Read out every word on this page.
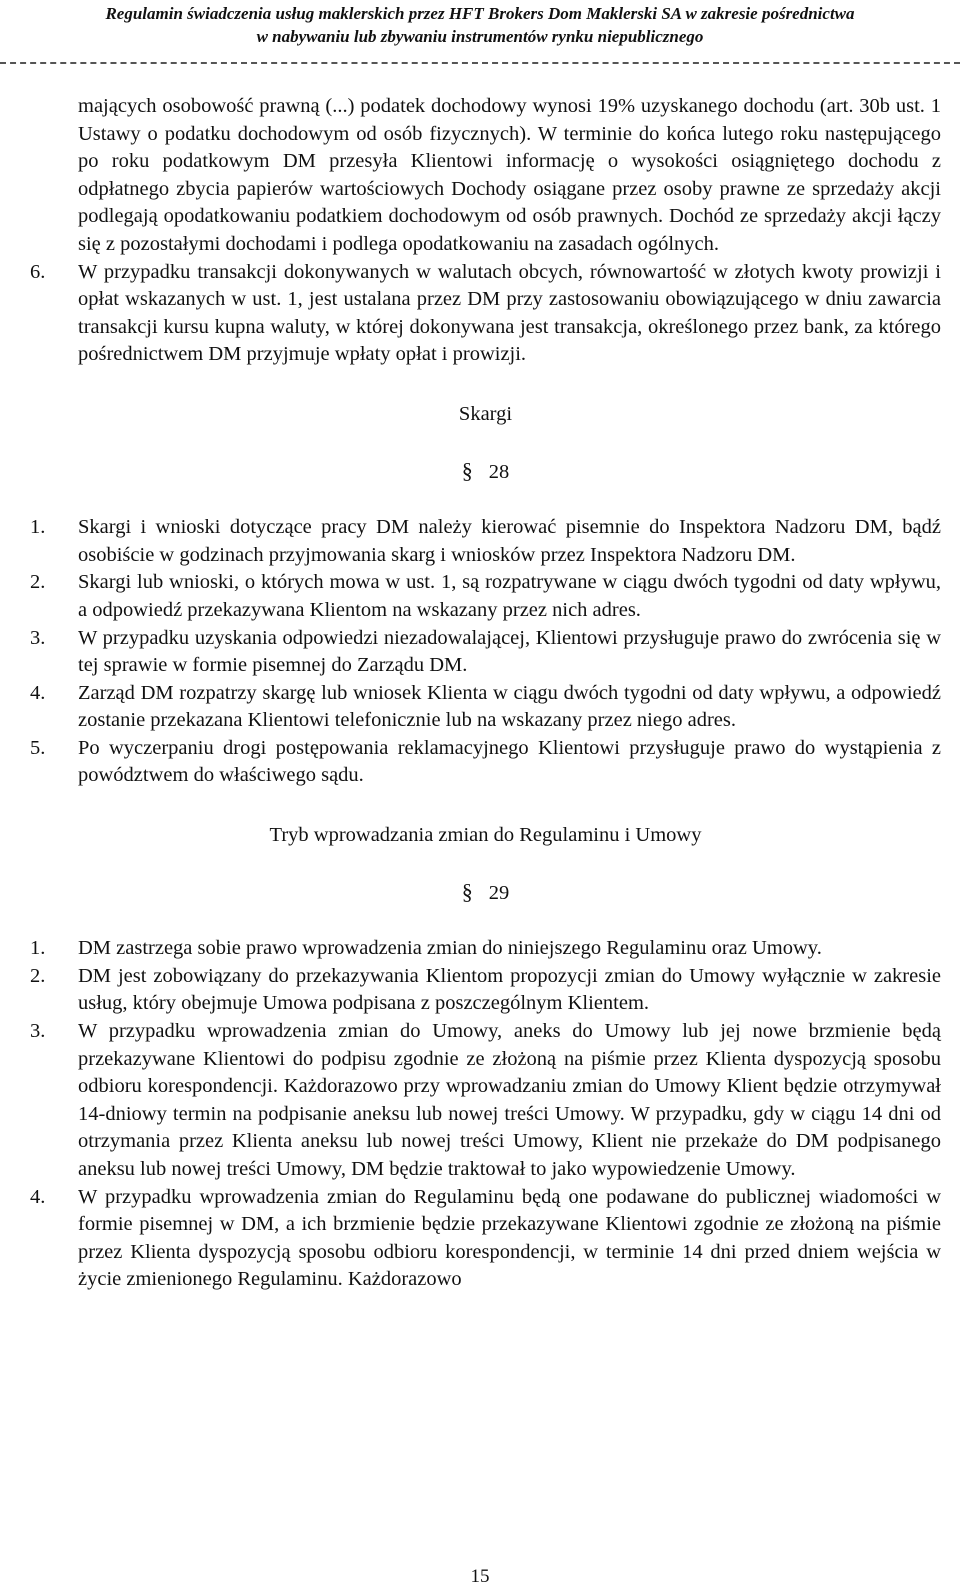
Regulamin świadczenia usług maklerskich przez HFT Brokers Dom Maklerski SA w zakresie pośrednictwa
w nabywaniu lub zbywaniu instrumentów rynku niepublicznego

mających osobowość prawną (...) podatek dochodowy wynosi 19% uzyskanego dochodu (art. 30b ust. 1 Ustawy o podatku dochodowym od osób fizycznych). W terminie do końca lutego roku następującego po roku podatkowym DM przesyła Klientowi informację o wysokości osiągniętego dochodu z odpłatnego zbycia papierów wartościowych Dochody osiągane przez osoby prawne ze sprzedaży akcji podlegają opodatkowaniu podatkiem dochodowym od osób prawnych. Dochód ze sprzedaży akcji łączy się z pozostałymi dochodami i podlega opodatkowaniu na zasadach ogólnych.

6. W przypadku transakcji dokonywanych w walutach obcych, równowartość w złotych kwoty prowizji i opłat wskazanych w ust. 1, jest ustalana przez DM przy zastosowaniu obowiązującego w dniu zawarcia transakcji kursu kupna waluty, w której dokonywana jest transakcja, określonego przez bank, za którego pośrednictwem DM przyjmuje wpłaty opłat i prowizji.

Skargi

§ 28
1. Skargi i wnioski dotyczące pracy DM należy kierować pisemnie do Inspektora Nadzoru DM, bądź osobiście w godzinach przyjmowania skarg i wniosków przez Inspektora Nadzoru DM.
2. Skargi lub wnioski, o których mowa w ust. 1, są rozpatrywane w ciągu dwóch tygodni od daty wpływu, a odpowiedź przekazywana Klientom na wskazany przez nich adres.
3. W przypadku uzyskania odpowiedzi niezadowalającej, Klientowi przysługuje prawo do zwrócenia się w tej sprawie w formie pisemnej do Zarządu DM.
4. Zarząd DM rozpatrzy skargę lub wniosek Klienta w ciągu dwóch tygodni od daty wpływu, a odpowiedź zostanie przekazana Klientowi telefonicznie lub na wskazany przez niego adres.
5. Po wyczerpaniu drogi postępowania reklamacyjnego Klientowi przysługuje prawo do wystąpienia z powództwem do właściwego sądu.

Tryb wprowadzania zmian do Regulaminu i Umowy

§ 29
1. DM zastrzega sobie prawo wprowadzenia zmian do niniejszego Regulaminu oraz Umowy.
2. DM jest zobowiązany do przekazywania Klientom propozycji zmian do Umowy wyłącznie w zakresie usług, który obejmuje Umowa podpisana z poszczególnym Klientem.
3. W przypadku wprowadzenia zmian do Umowy, aneks do Umowy lub jej nowe brzmienie będą przekazywane Klientowi do podpisu zgodnie ze złożoną na piśmie przez Klienta dyspozycją sposobu odbioru korespondencji. Każdorazowo przy wprowadzaniu zmian do Umowy Klient będzie otrzymywał 14-dniowy termin na podpisanie aneksu lub nowej treści Umowy. W przypadku, gdy w ciągu 14 dni od otrzymania przez Klienta aneksu lub nowej treści Umowy, Klient nie przekaże do DM podpisanego aneksu lub nowej treści Umowy, DM będzie traktował to jako wypowiedzenie Umowy.
4. W przypadku wprowadzenia zmian do Regulaminu będą one podawane do publicznej wiadomości w formie pisemnej w DM, a ich brzmienie będzie przekazywane Klientowi zgodnie ze złożoną na piśmie przez Klienta dyspozycją sposobu odbioru korespondencji, w terminie 14 dni przed dniem wejścia w życie zmienionego Regulaminu. Każdorazowo
15
